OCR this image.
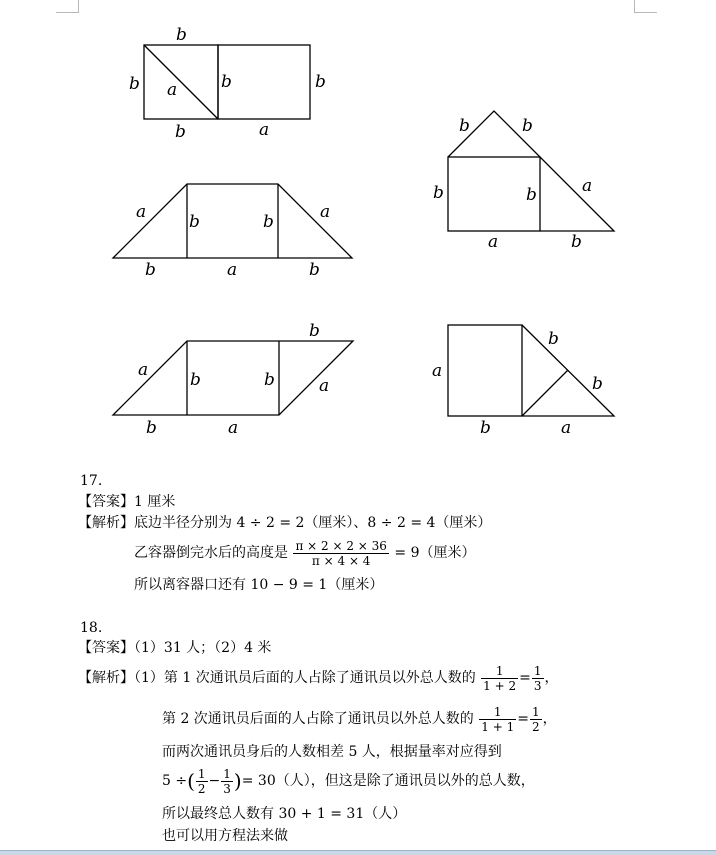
b
b a	b	b
b	a	b	b
b	b	a
a	b
a	b	b	a
b	a	b
b
a b	b	a
b	a
a
b
b
b	a
17.
【答案】1 厘米
【解析】底边半径分别为 4 ÷ 2 = 2（厘米）、8 ÷ 2 = 4（厘米）
乙容器倒完水后的高度是 $\frac{\pi \times 2 \times 2 \times 36}{\pi \times 4 \times 4} = 9$（厘米）
所以离容器口还有 10 − 9 = 1（厘米）
18.
【答案】（1）31 人；（2）4 米
【解析】（1）第 1 次通讯员后面的人占除了通讯员以外总人数的 $\frac{1}{1 + 2} = \frac{1}{3}$ ，
第 2 次通讯员后面的人占除了通讯员以外总人数的 $\frac{1}{1 + 1} = \frac{1}{2}$ ，
而两次通讯员身后的人数相差 5 人，根据量率对应得到
5 ÷( $\frac{1}{2} - \frac{1}{3}$ )= 30（人），但这是除了通讯员以外的总人数，
所以最终总人数有 30 + 1 = 31（人）
也可以用方程法来做
